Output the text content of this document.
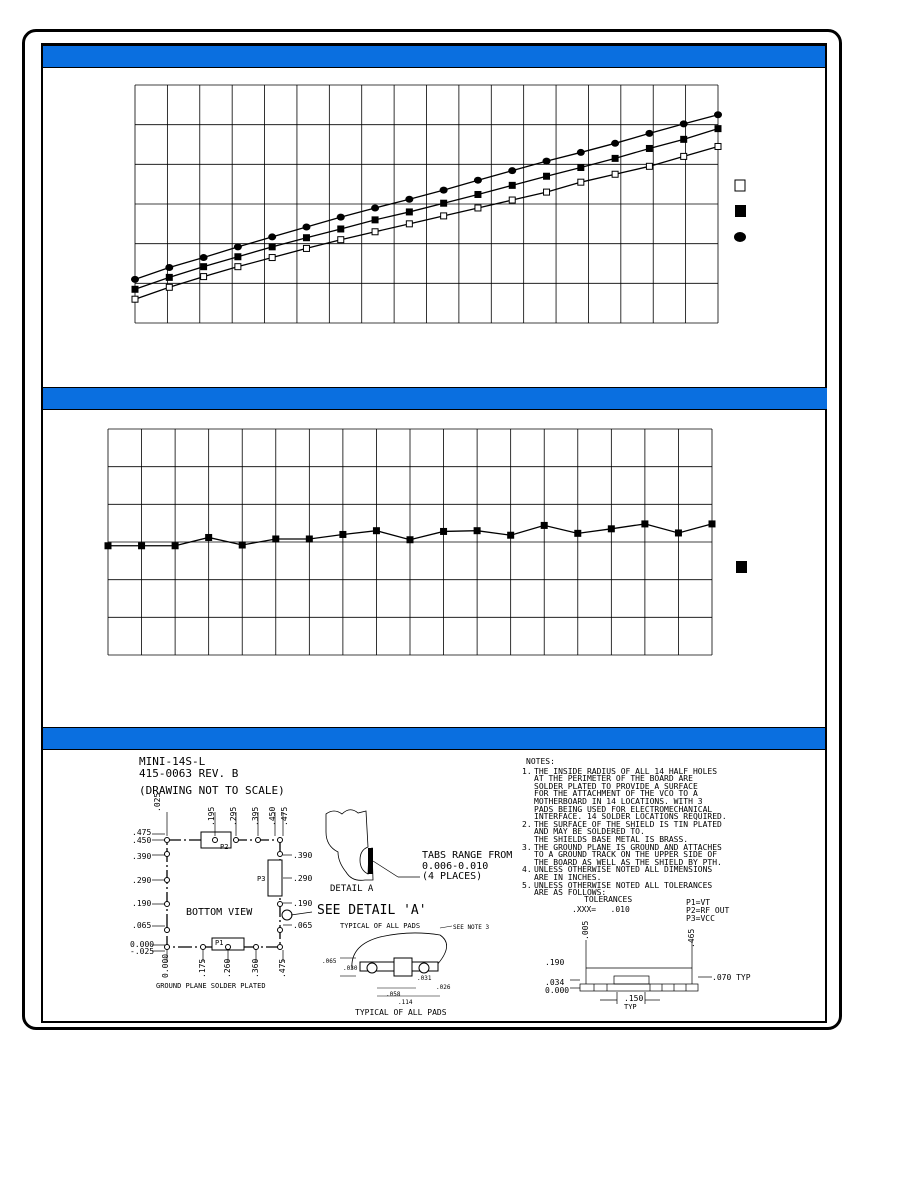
MINI-14S-L
415-0063 REV. B
(DRAWING NOT TO SCALE)
.025
.195 .295 .395 .450 .475
.475
.450
.390
.290
.190
.065
0.000
-.025
.390
.290
.190
.065
0.000	.175 .260 .360 .475
P2
P3
P1
BOTTOM VIEW
GROUND PLANE SOLDER PLATED
SEE DETAIL 'A'
DETAIL A
TABS RANGE FROM
0.006-0.010
(4 PLACES)
TYPICAL OF ALL PADS	SEE NOTE 3
TYPICAL OF ALL PADS
.065
.030
.031
.026
.058
.114
NOTES:
1. THE INSIDE RADIUS OF ALL 14 HALF HOLES
AT THE PERIMETER OF THE BOARD ARE
SOLDER PLATED TO PROVIDE A SURFACE
FOR THE ATTACHMENT OF THE VCO TO A
MOTHERBOARD IN 14 LOCATIONS. WITH 3
PADS BEING USED FOR ELECTROMECHANICAL
INTERFACE. 14 SOLDER LOCATIONS REQUIRED.
2. THE SURFACE OF THE SHIELD IS TIN PLATED
AND MAY BE SOLDERED TO.
THE SHIELDS BASE METAL IS BRASS.
3. THE GROUND PLANE IS GROUND AND ATTACHES
TO A GROUND TRACK ON THE UPPER SIDE OF
THE BOARD AS WELL AS THE SHIELD BY PTH.
4. UNLESS OTHERWISE NOTED ALL DIMENSIONS
ARE IN INCHES.
5. UNLESS OTHERWISE NOTED ALL TOLERANCES
ARE AS FOLLOWS:
TOLERANCES
.XXX=   .010
P1=VT
P2=RF OUT
P3=VCC
.005	.465
.190
.034
0.000
.070 TYP
.150
TYP
